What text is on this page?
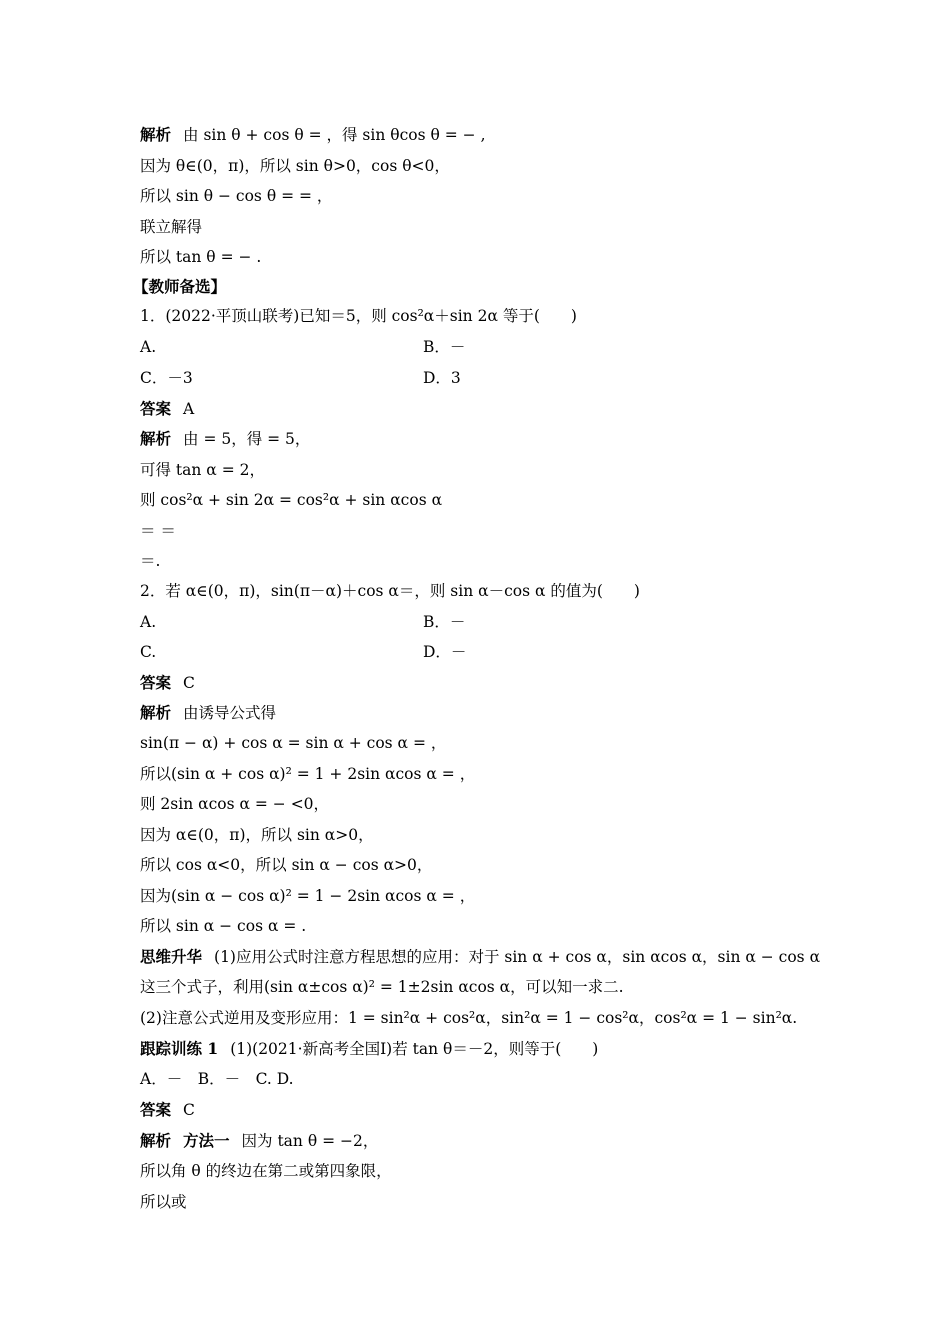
解析 由 sin θ + cos θ = ，得 sin θcos θ = − ,
因为 θ∈(0，π)，所以 sin θ>0，cos θ<0，
所以 sin θ − cos θ = = ，
联立解得
所以 tan θ = − .
【教师备选】
1．(2022·平顶山联考)已知＝5，则 cos²α＋sin 2α 等于(　　)
A.	B．－
C．－3	D．3
答案 A
解析 由 = 5，得 = 5，
可得 tan α = 2，
则 cos²α + sin 2α = cos²α + sin αcos α
＝ ＝
＝.
2．若 α∈(0，π)，sin(π－α)＋cos α＝，则 sin α－cos α 的值为(　　)
A.	B．－
C.	D．－
答案 C
解析 由诱导公式得
sin(π − α) + cos α = sin α + cos α = ，
所以(sin α + cos α)² = 1 + 2sin αcos α = ，
则 2sin αcos α = − <0，
因为 α∈(0，π)，所以 sin α>0，
所以 cos α<0，所以 sin α − cos α>0，
因为(sin α − cos α)² = 1 − 2sin αcos α = ，
所以 sin α − cos α = .
思维升华 (1)应用公式时注意方程思想的应用：对于 sin α + cos α，sin αcos α，sin α − cos α
这三个式子，利用(sin α±cos α)² = 1±2sin αcos α，可以知一求二.
(2)注意公式逆用及变形应用：1 = sin²α + cos²α，sin²α = 1 − cos²α，cos²α = 1 − sin²α.
跟踪训练 1 (1)(2021·新高考全国Ⅰ)若 tan θ＝－2，则等于(　　)
A．－　B．－　C. D.
答案 C
解析 方法一 因为 tan θ = −2，
所以角 θ 的终边在第二或第四象限，
所以或
